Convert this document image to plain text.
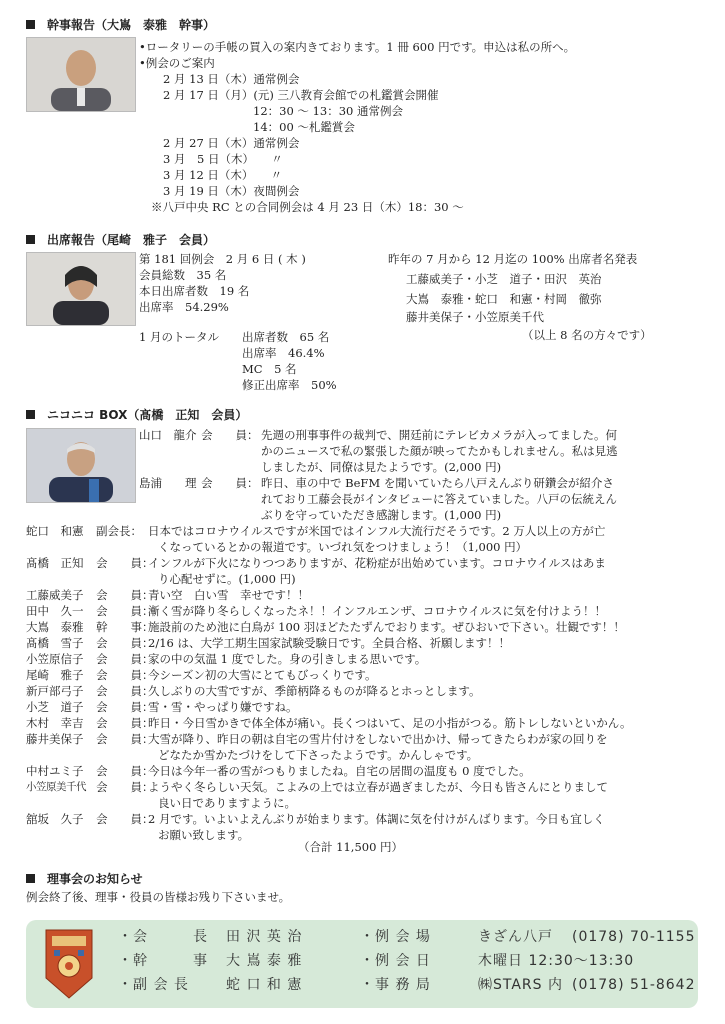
幹事報告（大嶌　泰雅　幹事）
•ロータリーの手帳の買入の案内きております。1 冊 600 円です。申込は私の所へ。
•例会のご案内
2 月 13 日（木）通常例会
2 月 17 日（月）(元) 三八教育会館での札鑑賞会開催
12：30 ～ 13：30 通常例会
14：00 ～札鑑賞会
2 月 27 日（木）通常例会
3 月　5 日（木）　　〃
3 月 12 日（木）　　〃
3 月 19 日（木）夜間例会
※八戸中央 RC との合同例会は 4 月 23 日（木）18：30 ～
出席報告（尾崎　雅子　会員）
第 181 回例会　2 月 6 日 ( 木 )
会員総数　35 名
本日出席者数　19 名
出席率　54.29%
昨年の 7 月から 12 月迄の 100% 出席者名発表
工藤威美子・小芝　道子・田沢　英治
大嶌　泰雅・蛇口　和憲・村岡　徹弥
藤井美保子・小笠原美千代
（以上 8 名の方々です）
1 月のトータル 出席者数　65 名
出席率　46.4%
MC　5 名
修正出席率　50%
ニコニコ BOX（髙橋　正知　会員）
山口　龍介 会　　員： 先週の刑事事件の裁判で、開廷前にテレビカメラが入ってました。何
かのニュースで私の緊張した顔が映ってたかもしれません。私は見逃
しましたが、同僚は見たようです。(2,000 円)
島浦　　理 会　　員： 昨日、車の中で BeFM を聞いていたら八戸えんぶり研鑽会が紹介さ
れており工藤会長がインタビューに答えていました。八戸の伝統えん
ぶりを守っていただき感謝します。(1,000 円)
蛇口　和憲 副会長： 日本ではコロナウイルスですが米国ではインフル大流行だそうです。2 万人以上の方が亡
くなっているとかの報道です。いづれ気をつけましょう！（1,000 円）
髙橋　正知 会　　員：
インフルが下火になりつつありますが、花粉症が出始めています。コロナウイルスはあま
り心配せずに。(1,000 円)
工藤威美子 会　　員：
青い空　白い雪　幸せです！！
田中　久一 会　　員：
漸く雪が降り冬らしくなったネ！！インフルエンザ、コロナウイルスに気を付けよう！！
大嶌　泰雅 幹　　事：
施設前のため池に白鳥が 100 羽ほどたたずんでおります。ぜひおいで下さい。壮観です！！
髙橋　雪子 会　　員：
2/16 は、大学工期生国家試験受験日です。全員合格、祈願します！！
小笠原信子 会　　員：
家の中の気温 1 度でした。身の引きしまる思いです。
尾崎　雅子 会　　員：
今シーズン初の大雪にとてもびっくりです。
新戸部弓子 会　　員：
久しぶりの大雪ですが、季節柄降るものが降るとホっとします。
小芝　道子 会　　員：
雪・雪・やっぱり嫌ですね。
木村　幸吉 会　　員：
昨日・今日雪かきで体全体が痛い。長くつはいて、足の小指がつる。筋トレしないといかん。
藤井美保子 会　　員：
大雪が降り、昨日の朝は自宅の雪片付けをしないで出かけ、帰ってきたらわが家の回りを
どなたか雪かたづけをして下さったようです。かんしゃです。
中村ユミ子 会　　員：
今日は今年一番の雪がつもりましたね。自宅の居間の温度も 0 度でした。
小笠原美千代 会　　員：
ようやく冬らしい天気。こよみの上では立春が過ぎましたが、今日も皆さんにとりまして
良い日でありますように。
舘坂　久子 会　　員：
2 月です。いよいよえんぶりが始まります。体調に気を付けがんばります。今日も宜しく
お願い致します。
（合計 11,500 円）
理事会のお知らせ
例会終了後、理事・役員の皆様お残り下さいませ。
・会　　　長 田 沢 英 治	・例 会 場	きざん八戸 (0178) 70-1155
・幹　　　事 大 嶌 泰 雅	・例 会 日	木曜日 12:30～13:30
・副 会 長	蛇 口 和 憲	・事 務 局	㈱STARS 内 (0178) 51-8642
